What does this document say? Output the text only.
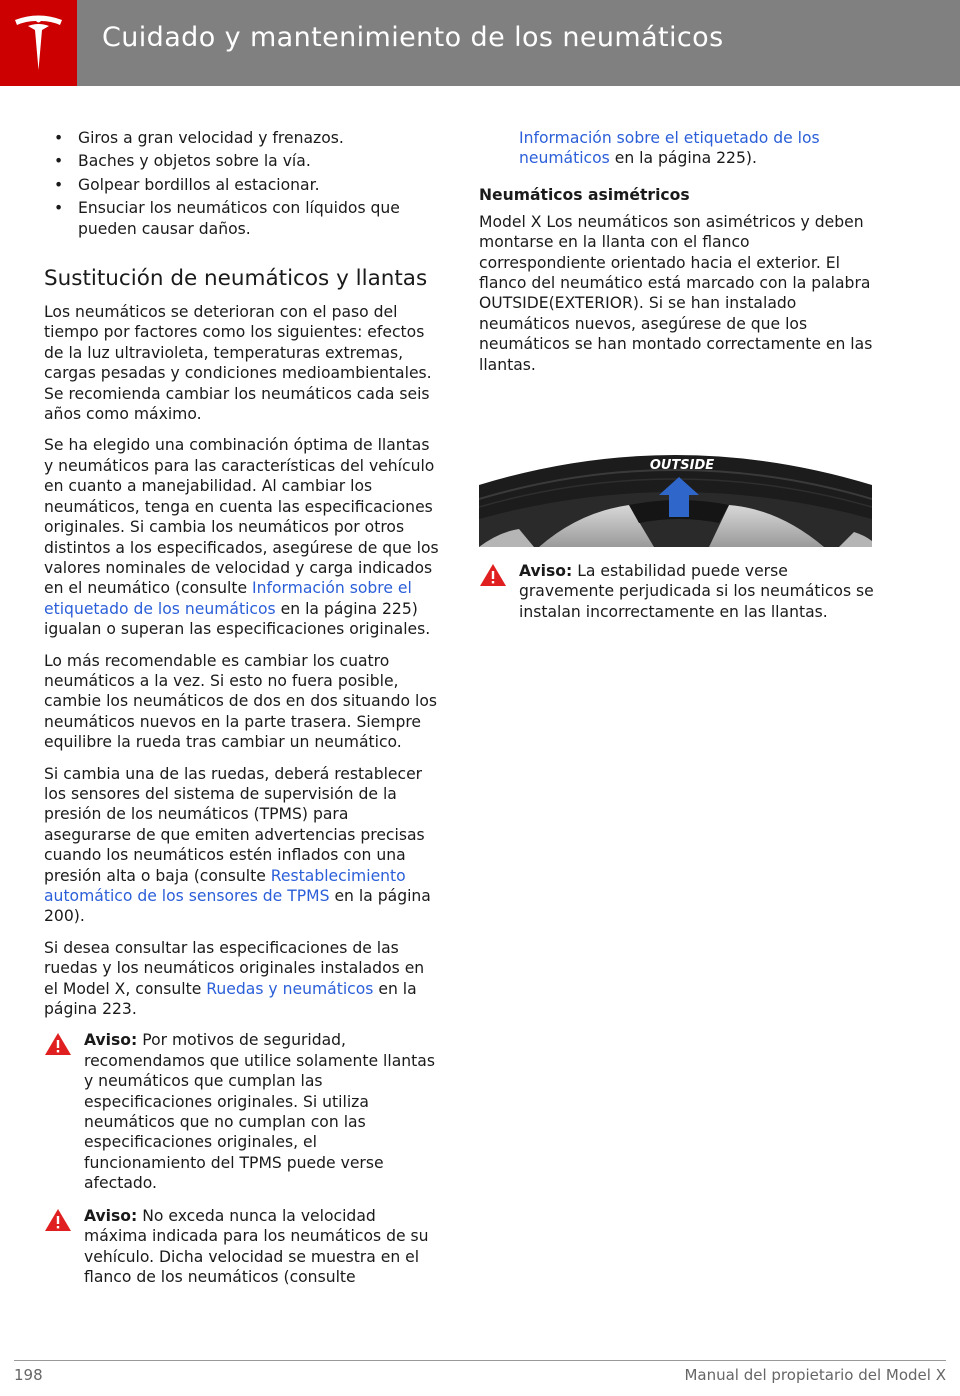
Cuidado y mantenimiento de los neumáticos
• Giros a gran velocidad y frenazos.
• Baches y objetos sobre la vía.
• Golpear bordillos al estacionar.
• Ensuciar los neumáticos con líquidos que pueden causar daños.
Sustitución de neumáticos y llantas

Los neumáticos se deterioran con el paso del tiempo por factores como los siguientes: efectos de la luz ultravioleta, temperaturas extremas, cargas pesadas y condiciones medioambientales. Se recomienda cambiar los neumáticos cada seis años como máximo.

Se ha elegido una combinación óptima de llantas y neumáticos para las características del vehículo en cuanto a manejabilidad. Al cambiar los neumáticos, tenga en cuenta las especificaciones originales. Si cambia los neumáticos por otros distintos a los especificados, asegúrese de que los valores nominales de velocidad y carga indicados en el neumático (consulte Información sobre el etiquetado de los neumáticos en la página 225) igualan o superan las especificaciones originales.

Lo más recomendable es cambiar los cuatro neumáticos a la vez. Si esto no fuera posible, cambie los neumáticos de dos en dos situando los neumáticos nuevos en la parte trasera. Siempre equilibre la rueda tras cambiar un neumático.

Si cambia una de las ruedas, deberá restablecer los sensores del sistema de supervisión de la presión de los neumáticos (TPMS) para asegurarse de que emiten advertencias precisas cuando los neumáticos estén inflados con una presión alta o baja (consulte Restablecimiento automático de los sensores de TPMS en la página 200).

Si desea consultar las especificaciones de las ruedas y los neumáticos originales instalados en el Model X, consulte Ruedas y neumáticos en la página 223.

Aviso: Por motivos de seguridad, recomendamos que utilice solamente llantas y neumáticos que cumplan las especificaciones originales. Si utiliza neumáticos que no cumplan con las especificaciones originales, el funcionamiento del TPMS puede verse afectado.
Aviso: No exceda nunca la velocidad máxima indicada para los neumáticos de su vehículo. Dicha velocidad se muestra en el flanco de los neumáticos (consulte

Información sobre el etiquetado de los neumáticos en la página 225).

Neumáticos asimétricos

Model X Los neumáticos son asimétricos y deben montarse en la llanta con el flanco correspondiente orientado hacia el exterior. El flanco del neumático está marcado con la palabra OUTSIDE(EXTERIOR). Si se han instalado neumáticos nuevos, asegúrese de que los neumáticos se han montado correctamente en las llantas.

OUTSIDE
Aviso: La estabilidad puede verse gravemente perjudicada si los neumáticos se instalan incorrectamente en las llantas.
198	Manual del propietario del Model X
